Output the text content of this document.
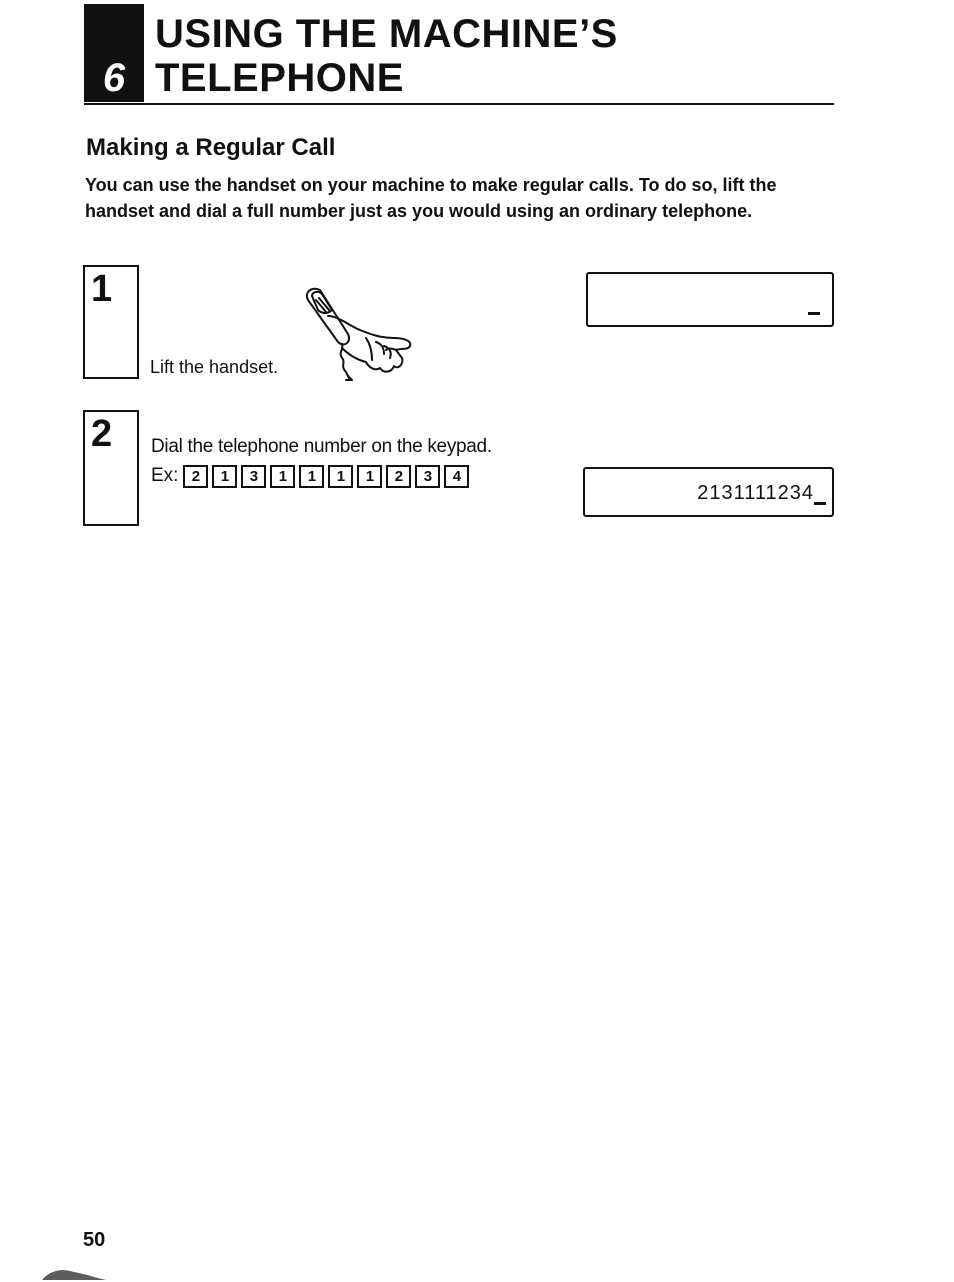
6
USING THE MACHINE’S
TELEPHONE
Making a Regular Call

You can use the handset on your machine to make regular calls. To do so, lift the handset and dial a full number just as you would using an ordinary telephone.

1
Lift the handset.
2 Dial the telephone number on the keypad.
Ex: 2	1	3	1	1	1	1	2	3	4
2131111234
50
